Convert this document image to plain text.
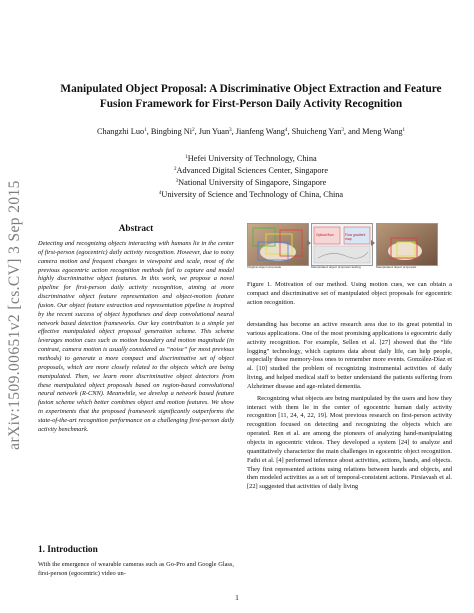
arXiv:1509.00651v2 [cs.CV] 3 Sep 2015
Manipulated Object Proposal: A Discriminative Object Extraction and Feature
Fusion Framework for First-Person Daily Activity Recognition
Changzhi Luo$^1$, Bingbing Ni$^2$, Jun Yuan$^3$, Jianfeng Wang$^4$, Shuicheng Yan$^3$, and Meng Wang$^1$
$^1$Hefei University of Technology, China
$^2$Advanced Digital Sciences Center, Singapore
$^3$National University of Singapore, Singapore
$^4$University of Science and Technology of China, China
Abstract

Detecting and recognizing objects interacting with humans lie in the center of first-person (egocentric) daily activity recognition. However, due to noisy camera motion and frequent changes in viewpoint and scale, most of the previous egocentric action recognition methods fail to capture and model highly discriminative object features. In this work, we propose a novel pipeline for first-person daily activity recognition, aiming at more discriminative object feature representation and object-motion feature fusion. Our object feature extraction and representation pipeline is inspired by the recent success of object hypotheses and deep convolutional neural network based detection frameworks. Our key contribution is a simple yet effective manipulated object proposal generation scheme. This scheme leverages motion cues such as motion boundary and motion magnitude (in contrast, camera motion is usually considered as “noise” for most previous methods) to generate a more compact and discriminative set of object proposals, which are more closely related to the objects which are being manipulated. Then, we learn more discriminative object detectors from these manipulated object proposals based on region-based convolutional neural network (R-CNN). Meanwhile, we develop a network based feature fusion scheme which better combines object and motion features. We show in experiments that the proposed framework significantly outperforms the state-of-the-art recognition performance on a challenging first-person daily activity benchmark.

1. Introduction

With the emergence of wearable cameras such as Go-Pro and Google Glass, first-person (egocentric) video un-

Optical flow	Flow gradient map
Original object proposals	Manipulated object proposal ranking	Manipulated object proposals

Figure 1. Motivation of our method. Using motion cues, we can obtain a compact and discriminative set of manipulated object proposals for egocentric action recognition.

derstanding has become an active research area due to its great potential in various applications. One of the most promising applications is egocentric daily activity recognition. For example, Sellen et al. [27] showed that the “life logging” technology, which captures data about daily life, can help people, especially those memory-loss ones to remember more events. González-Díaz et al. [10] studied the problem of recognizing instrumental activities of daily living, and helped medical staff to better understand the patients suffering from Alzheimer disease and age-related dementia.

Recognizing what objects are being manipulated by the users and how they interact with them lie in the center of egocentric human daily activity recognition [11, 24, 4, 22, 19]. Most previous research on first-person activity recognition focused on detecting and recognizing the objects which are operated. Ren et al. are among the pioneers of analyzing hand-manipulating objects in egocentric videos. They developed a system [24] to analyze and quantitatively characterize the main challenges in egocentric object recognition. Fathi et al. [4] performed inference about activities, actions, hands, and objects. They first represented actions using relations between hands and objects, and then modeled activities as a set of temporal-consistent actions. Pirsiavash et al. [22] suggested that activities of daily living

1
